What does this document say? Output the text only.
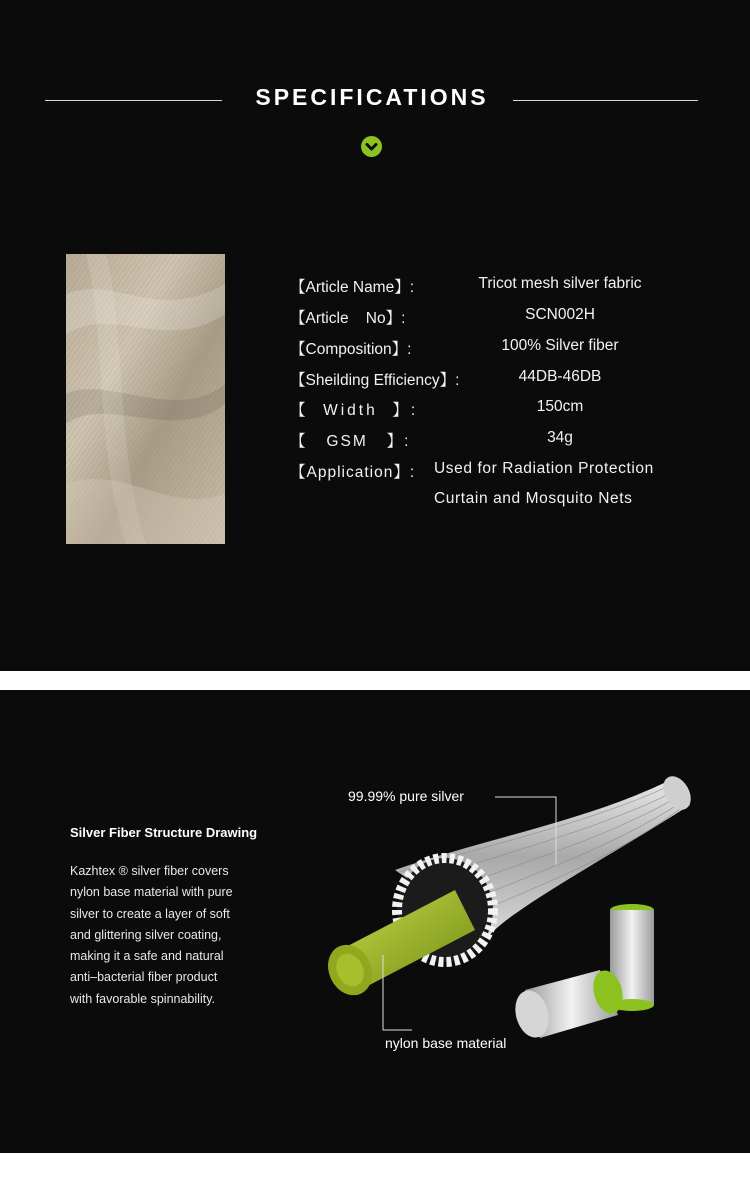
SPECIFICATIONS
【Article Name】:	Tricot mesh silver fabric
【Article    No】:	SCN002H
【Composition】:	100% Silver fiber
【Sheilding Efficiency】:	44DB-46DB
【  Width  】:	150cm
【   GSM   】:	34g
【Application】: Used for Radiation Protection
Curtain and Mosquito Nets
Silver Fiber Structure Drawing

Kazhtex ® silver fiber covers

nylon base material with pure

silver to create a layer of soft

and glittering silver coating,

making it a safe and natural

anti–bacterial fiber product

with favorable spinnability.

99.99% pure silver
nylon base material
